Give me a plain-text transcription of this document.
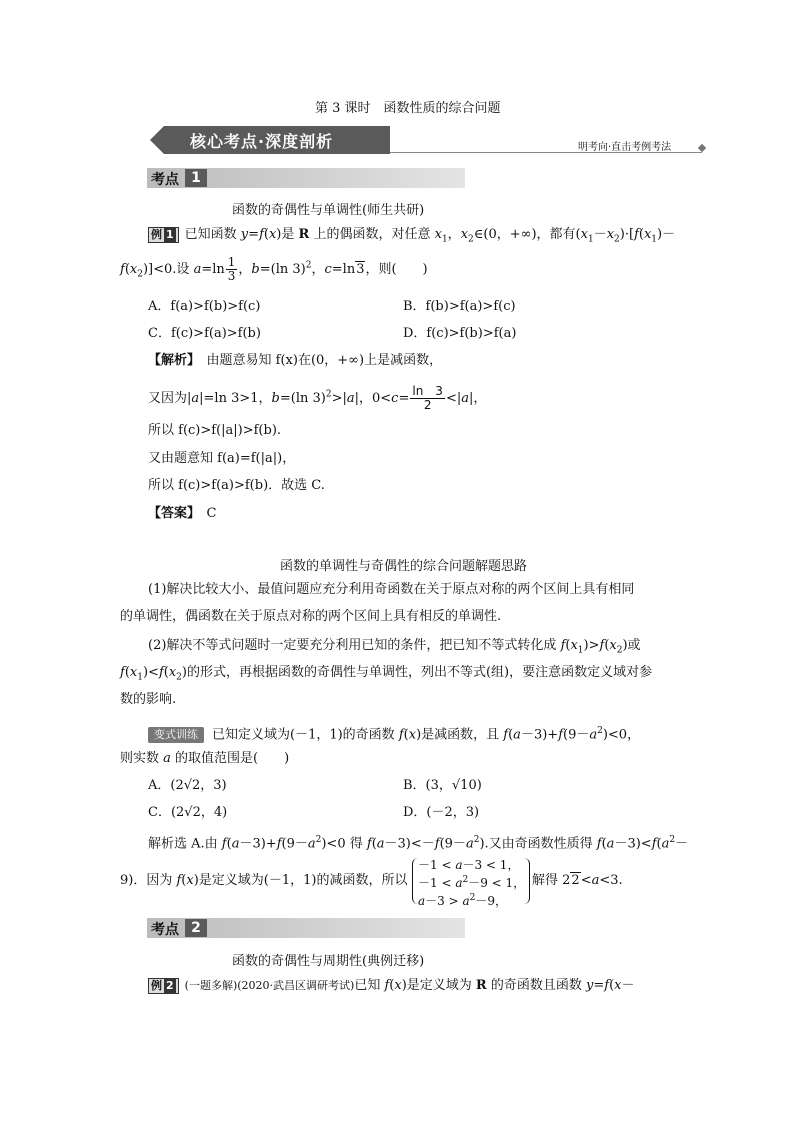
第 3 课时　函数性质的综合问题
核心考点·深度剖析	明考向·直击考例考法
考点 1
函数的奇偶性与单调性(师生共研)
例 1 已知函数 y=f(x)是 R 上的偶函数，对任意 $x_1$，$x_2\in(0$，+∞)，都有$(x_1-x_2)\cdot[f(x_1)-$
$f(x_2)]<0$.设 $a=\ln \frac{1}{3}$ ，b=(ln 3)$^2$，c=ln3，则(　　)
A．f(a)>f(b)>f(c)	B．f(b)>f(a)>f(c)
C．f(c)>f(a)>f(b)	D．f(c)>f(b)>f(a)
【解析】　 由题意易知 f(x)在(0，+∞)上是减函数，
又因为|a|=ln 3>1，b=(ln 3)$^2$>|a|，$0<c= \frac{\ln 3}{2} <|a|$，
所以 f(c)>f(|a|)>f(b).
又由题意知 f(a)=f(|a|)，
所以 f(c)>f(a)>f(b)．故选 C.
【答案】　 C
函数的单调性与奇偶性的综合问题解题思路
(1)解决比较大小、最值问题应充分利用奇函数在关于原点对称的两个区间上具有相同
的单调性，偶函数在关于原点对称的两个区间上具有相反的单调性.
(2)解决不等式问题时一定要充分利用已知的条件，把已知不等式转化成 $f(x_1)>f(x_2)$或
$f(x_1)<f(x_2)$的形式，再根据函数的奇偶性与单调性，列出不等式(组)，要注意函数定义域对参
数的影响.
变式训练 已知定义域为(－1，1)的奇函数 f(x)是减函数，且 $f(a-3)+f(9-a^2)<0$，
则实数 a 的取值范围是(　　)
A．(2√2，3)	B．(3，√10)
C．(2√2，4)	D．(－2，3)
解析选 A.由 $f(a-3)+f(9-a^2)<0$ 得 $f(a-3)<-f(9-a^2)$.又由奇函数性质得 $f(a-3)<f(a^2-$
9)．因为 f(x)是定义域为(－1，1)的减函数，所以
－1 < a－3 < 1，
$-1 < a^2-9 < 1$，
$a-3 > a^2-9$，
解得 22<a<3.
考点 2
函数的奇偶性与周期性(典例迁移)
例 2 (一题多解)(2020·武昌区调研考试)已知 f(x)是定义域为 R 的奇函数且函数 y=f(x－
